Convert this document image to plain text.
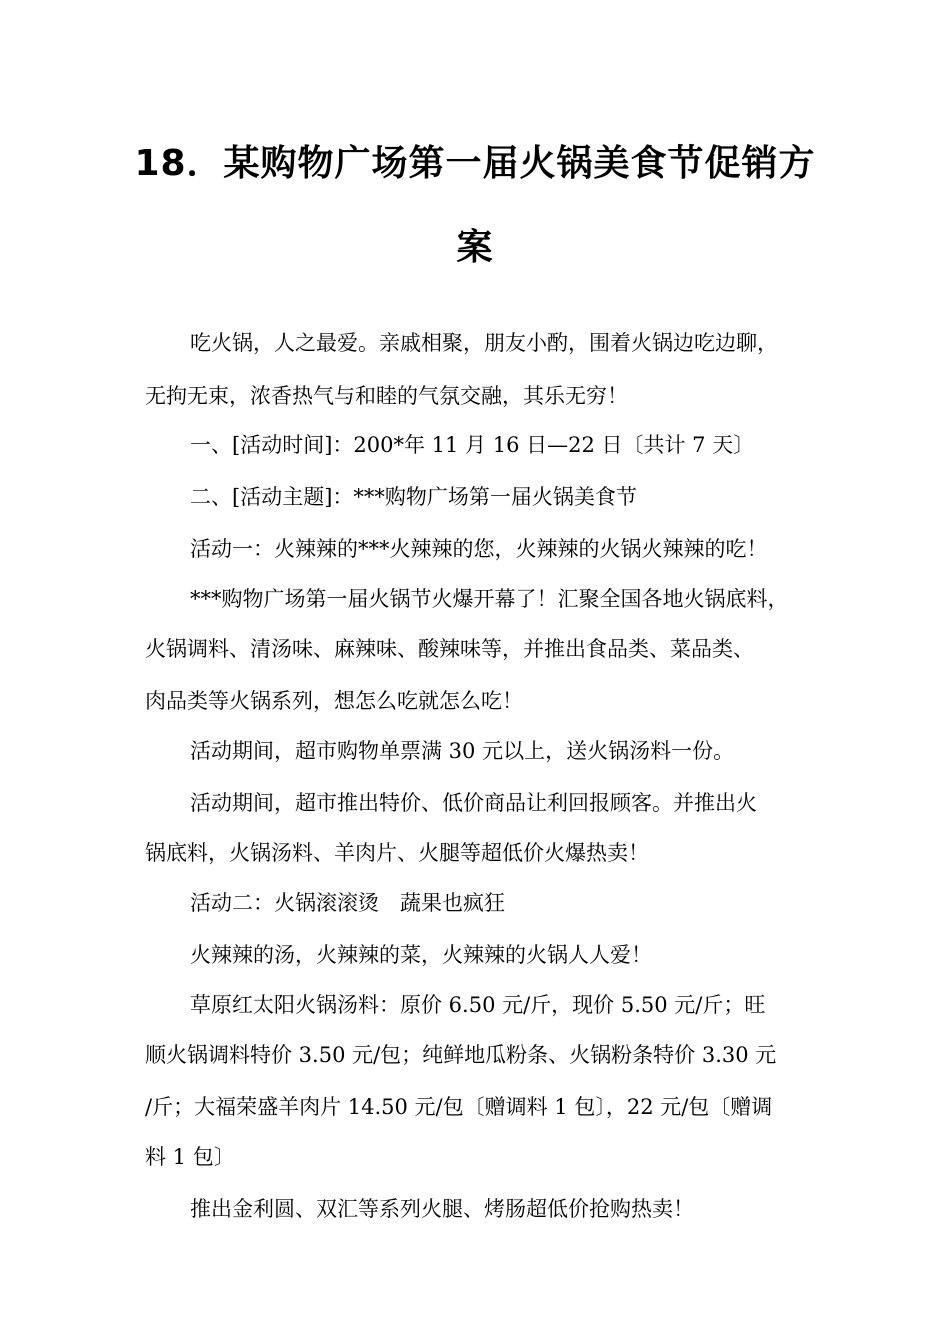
18．某购物广场第一届火锅美食节促销方
案

吃火锅，人之最爱。亲戚相聚，朋友小酌，围着火锅边吃边聊，

无拘无束，浓香热气与和睦的气氛交融，其乐无穷！

一、[活动时间]：200*年 11 月 16 日—22 日〔共计 7 天〕

二、[活动主题]：***购物广场第一届火锅美食节

活动一：火辣辣的***火辣辣的您，火辣辣的火锅火辣辣的吃！

***购物广场第一届火锅节火爆开幕了！汇聚全国各地火锅底料，

火锅调料、清汤味、麻辣味、酸辣味等，并推出食品类、菜品类、

肉品类等火锅系列，想怎么吃就怎么吃！

活动期间，超市购物单票满 30 元以上，送火锅汤料一份。

活动期间，超市推出特价、低价商品让利回报顾客。并推出火

锅底料，火锅汤料、羊肉片、火腿等超低价火爆热卖！

活动二：火锅滚滚烫　蔬果也疯狂

火辣辣的汤，火辣辣的菜，火辣辣的火锅人人爱！

草原红太阳火锅汤料：原价 6.50 元/斤，现价 5.50 元/斤；旺

顺火锅调料特价 3.50 元/包；纯鲜地瓜粉条、火锅粉条特价 3.30 元

/斤；大福荣盛羊肉片 14.50 元/包〔赠调料 1 包〕，22 元/包〔赠调

料 1 包〕

推出金利圆、双汇等系列火腿、烤肠超低价抢购热卖！
